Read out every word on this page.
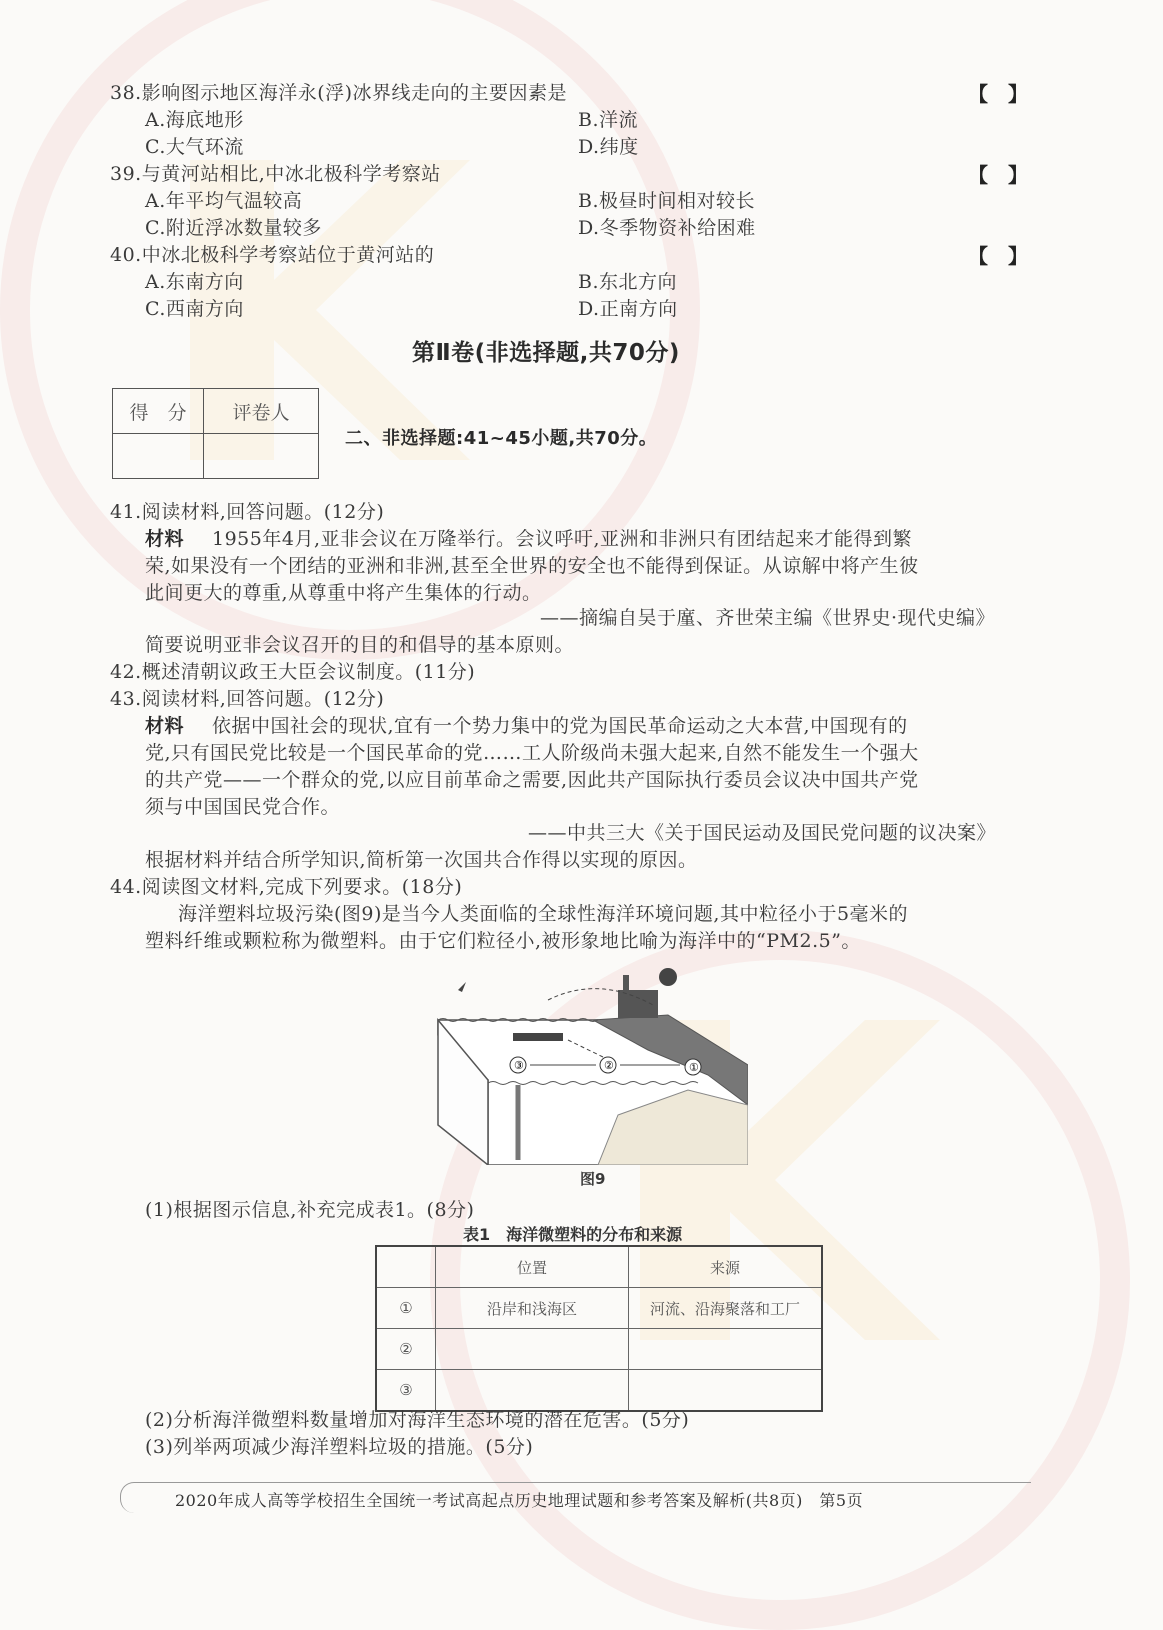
38.影响图示地区海洋永(浮)冰界线走向的主要因素是	【　】
A.海底地形	B.洋流
C.大气环流	D.纬度
39.与黄河站相比,中冰北极科学考察站	【　】
A.年平均气温较高	B.极昼时间相对较长
C.附近浮冰数量较多	D.冬季物资补给困难
40.中冰北极科学考察站位于黄河站的	【　】
A.东南方向	B.东北方向
C.西南方向	D.正南方向
第Ⅱ卷(非选择题,共70分)
得　分	评卷人

二、非选择题:41~45小题,共70分。
41.阅读材料,回答问题。(12分)
材料 1955年4月,亚非会议在万隆举行。会议呼吁,亚洲和非洲只有团结起来才能得到繁
荣,如果没有一个团结的亚洲和非洲,甚至全世界的安全也不能得到保证。从谅解中将产生彼
此间更大的尊重,从尊重中将产生集体的行动。
——摘编自吴于廑、齐世荣主编《世界史·现代史编》
简要说明亚非会议召开的目的和倡导的基本原则。
42.概述清朝议政王大臣会议制度。(11分)
43.阅读材料,回答问题。(12分)
材料 依据中国社会的现状,宜有一个势力集中的党为国民革命运动之大本营,中国现有的
党,只有国民党比较是一个国民革命的党……工人阶级尚未强大起来,自然不能发生一个强大
的共产党——一个群众的党,以应目前革命之需要,因此共产国际执行委员会议决中国共产党
须与中国国民党合作。
——中共三大《关于国民运动及国民党问题的议决案》
根据材料并结合所学知识,简析第一次国共合作得以实现的原因。
44.阅读图文材料,完成下列要求。(18分)
海洋塑料垃圾污染(图9)是当今人类面临的全球性海洋环境问题,其中粒径小于5毫米的
塑料纤维或颗粒称为微塑料。由于它们粒径小,被形象地比喻为海洋中的“PM2.5”。
③	②	①
图9
(1)根据图示信息,补充完成表1。(8分)
表1　海洋微塑料的分布和来源
	位置	来源
①	沿岸和浅海区	河流、沿海聚落和工厂
②		
③		
(2)分析海洋微塑料数量增加对海洋生态环境的潜在危害。(5分)
(3)列举两项减少海洋塑料垃圾的措施。(5分)
2020年成人高等学校招生全国统一考试高起点历史地理试题和参考答案及解析(共8页)　第5页
